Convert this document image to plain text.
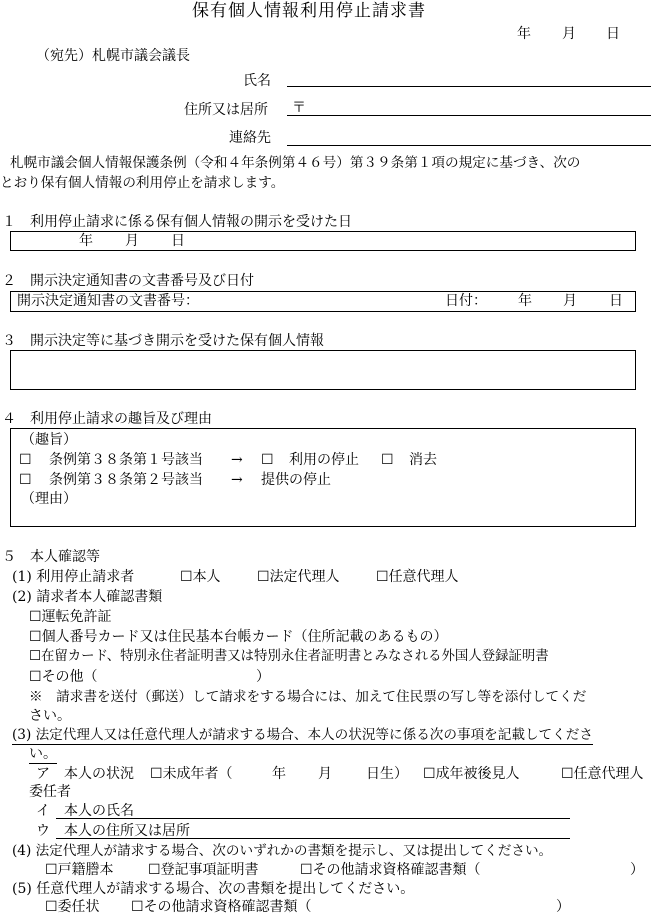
保有個人情報利用停止請求書
年 月 日
（宛先）札幌市議会議長
氏名
住所又は居所 〒
連絡先
札幌市議会個人情報保護条例（令和４年条例第４６号）第３９条第１項の規定に基づき、次の
とおり保有個人情報の利用停止を請求します。
１　利用停止請求に係る保有個人情報の開示を受けた日
年 月 日
２　開示決定通知書の文書番号及び日付
開示決定通知書の文書番号：	日付： 年 月 日
３　開示決定等に基づき開示を受けた保有個人情報
４　利用停止請求の趣旨及び理由
（趣旨）
☐ 条例第３８条第１号該当 → ☐ 利用の停止 ☐ 消去
☐ 条例第３８条第２号該当 → 提供の停止
（理由）
５　本人確認等
(1) 利用停止請求者	☐本人	☐法定代理人	☐任意代理人
(2) 請求者本人確認書類
☐運転免許証
☐個人番号カード又は住民基本台帳カード（住所記載のあるもの）
☐在留カード、特別永住者証明書又は特別永住者証明書とみなされる外国人登録証明書
☐その他（	）
※　請求書を送付（郵送）して請求をする場合には、加えて住民票の写し等を添付してくだ
さい。
(3) 法定代理人又は任意代理人が請求する場合、本人の状況等に係る次の事項を記載してくださ
い。
ア　本人の状況 ☐未成年者（	年 月 日生） ☐成年被後見人	☐任意代理人
委任者
イ　本人の氏名
ウ　本人の住所又は居所
(4) 法定代理人が請求する場合、次のいずれかの書類を提示し、又は提出してください。
☐戸籍謄本 ☐登記事項証明書	☐その他請求資格確認書類（	）
(5) 任意代理人が請求する場合、次の書類を提出してください。
☐委任状 ☐その他請求資格確認書類（	）
